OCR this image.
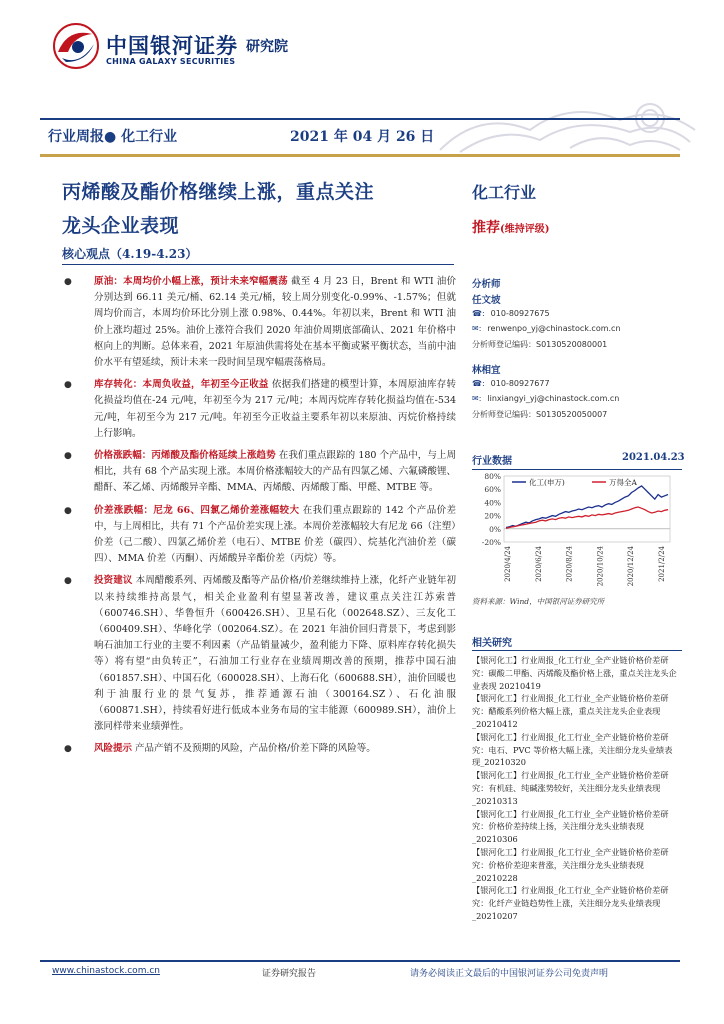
中国银河证券 研究院
CHINA GALAXY SECURITIES
行业周报● 化工行业	2021 年 04 月 26 日
丙烯酸及酯价格继续上涨，重点关注
龙头企业表现
核心观点（4.19-4.23）
● 原油：本周均价小幅上涨，预计未来窄幅震荡 截至 4 月 23 日，Brent 和 WTI 油价分别达到 66.11 美元/桶、62.14 美元/桶，较上周分别变化-0.99%、-1.57%；但就周均价而言，本周均价环比分别上涨 0.98%、0.44%。年初以来，Brent 和 WTI 油价上涨均超过 25%。油价上涨符合我们 2020 年油价周期底部确认、2021 年价格中枢向上的判断。总体来看，2021 年原油供需将处在基本平衡或紧平衡状态，当前中油价水平有望延续，预计未来一段时间呈现窄幅震荡格局。
● 库存转化：本周负收益，年初至今正收益 依据我们搭建的模型计算，本周原油库存转化损益均值在-24 元/吨，年初至今为 217 元/吨；本周丙烷库存转化损益均值在-534 元/吨，年初至今为 217 元/吨。年初至今正收益主要系年初以来原油、丙烷价格持续上行影响。
● 价格涨跌幅：丙烯酸及酯价格延续上涨趋势 在我们重点跟踪的 180 个产品中，与上周相比，共有 68 个产品实现上涨。本周价格涨幅较大的产品有四氯乙烯、六氟磷酸锂、醋酐、苯乙烯、丙烯酸异辛酯、MMA、丙烯酸、丙烯酸丁酯、甲醛、MTBE 等。
● 价差涨跌幅：尼龙 66、四氯乙烯价差涨幅较大 在我们重点跟踪的 142 个产品价差中，与上周相比，共有 71 个产品价差实现上涨。本周价差涨幅较大有尼龙 66（注塑）价差（己二酸）、四氯乙烯价差（电石）、MTBE 价差（碳四）、烷基化汽油价差（碳四）、MMA 价差（丙酮）、丙烯酸异辛酯价差（丙烷）等。
● 投资建议 本周醋酸系列、丙烯酸及酯等产品价格/价差继续维持上涨，化纤产业链年初以来持续维持高景气，相关企业盈利有望显著改善，建议重点关注江苏索普（600746.SH）、华鲁恒升（600426.SH）、卫星石化（002648.SZ）、三友化工（600409.SH）、华峰化学（002064.SZ）。在 2021 年油价回归背景下，考虑到影响石油加工行业的主要不利因素（产品销量减少，盈利能力下降、原料库存转化损失等）将有望“由负转正”，石油加工行业存在业绩周期改善的预期，推荐中国石油（601857.SH）、中国石化（600028.SH）、上海石化（600688.SH），油价回暖也利于油服行业的景气复苏，推荐通源石油（300164.SZ）、石化油服（600871.SH），持续看好进行低成本业务布局的宝丰能源（600989.SH），油价上涨同样带来业绩弹性。
● 风险提示 产品产销不及预期的风险，产品价格/价差下降的风险等。
化工行业
推荐(维持评级)
分析师
任文坡
☎: 010-80927675
✉: renwenpo_yj@chinastock.com.cn
分析师登记编码：S0130520080001
林相宜
☎: 010-80927677
✉: linxiangyi_yj@chinastock.com.cn
分析师登记编码：S0130520050007
行业数据	2021.04.23
80%
60%
40%
20%
0%
-20%
2020/4/24	2020/6/24	2020/8/24	2020/10/24	2020/12/24	2021/2/24
化工(申万)	万得全A
资料来源：Wind，中国银河证券研究所
相关研究
【银河化工】行业周报_化工行业_全产业链价格价差研究：碳酸二甲酯、丙烯酸及酯价格上涨，重点关注龙头企业表现 20210419
【银河化工】行业周报_化工行业_全产业链价格价差研究：醋酸系列价格大幅上涨，重点关注龙头企业表现_20210412
【银河化工】行业周报_化工行业_全产业链价格价差研究：电石、PVC 等价格大幅上涨，关注细分龙头业绩表现_20210320
【银河化工】行业周报_化工行业_全产业链价格价差研究：有机硅、纯碱涨势较好，关注细分龙头业绩表现_20210313
【银河化工】行业周报_化工行业_全产业链价格价差研究：价格价差持续上扬，关注细分龙头业绩表现_20210306
【银河化工】行业周报_化工行业_全产业链价格价差研究：价格价差迎来普涨，关注细分龙头业绩表现_20210228
【银河化工】行业周报_化工行业_全产业链价格价差研究：化纤产业链趋势性上涨，关注细分龙头业绩表现_20210207
www.chinastock.com.cn	证券研究报告	请务必阅读正文最后的中国银河证券公司免责声明
